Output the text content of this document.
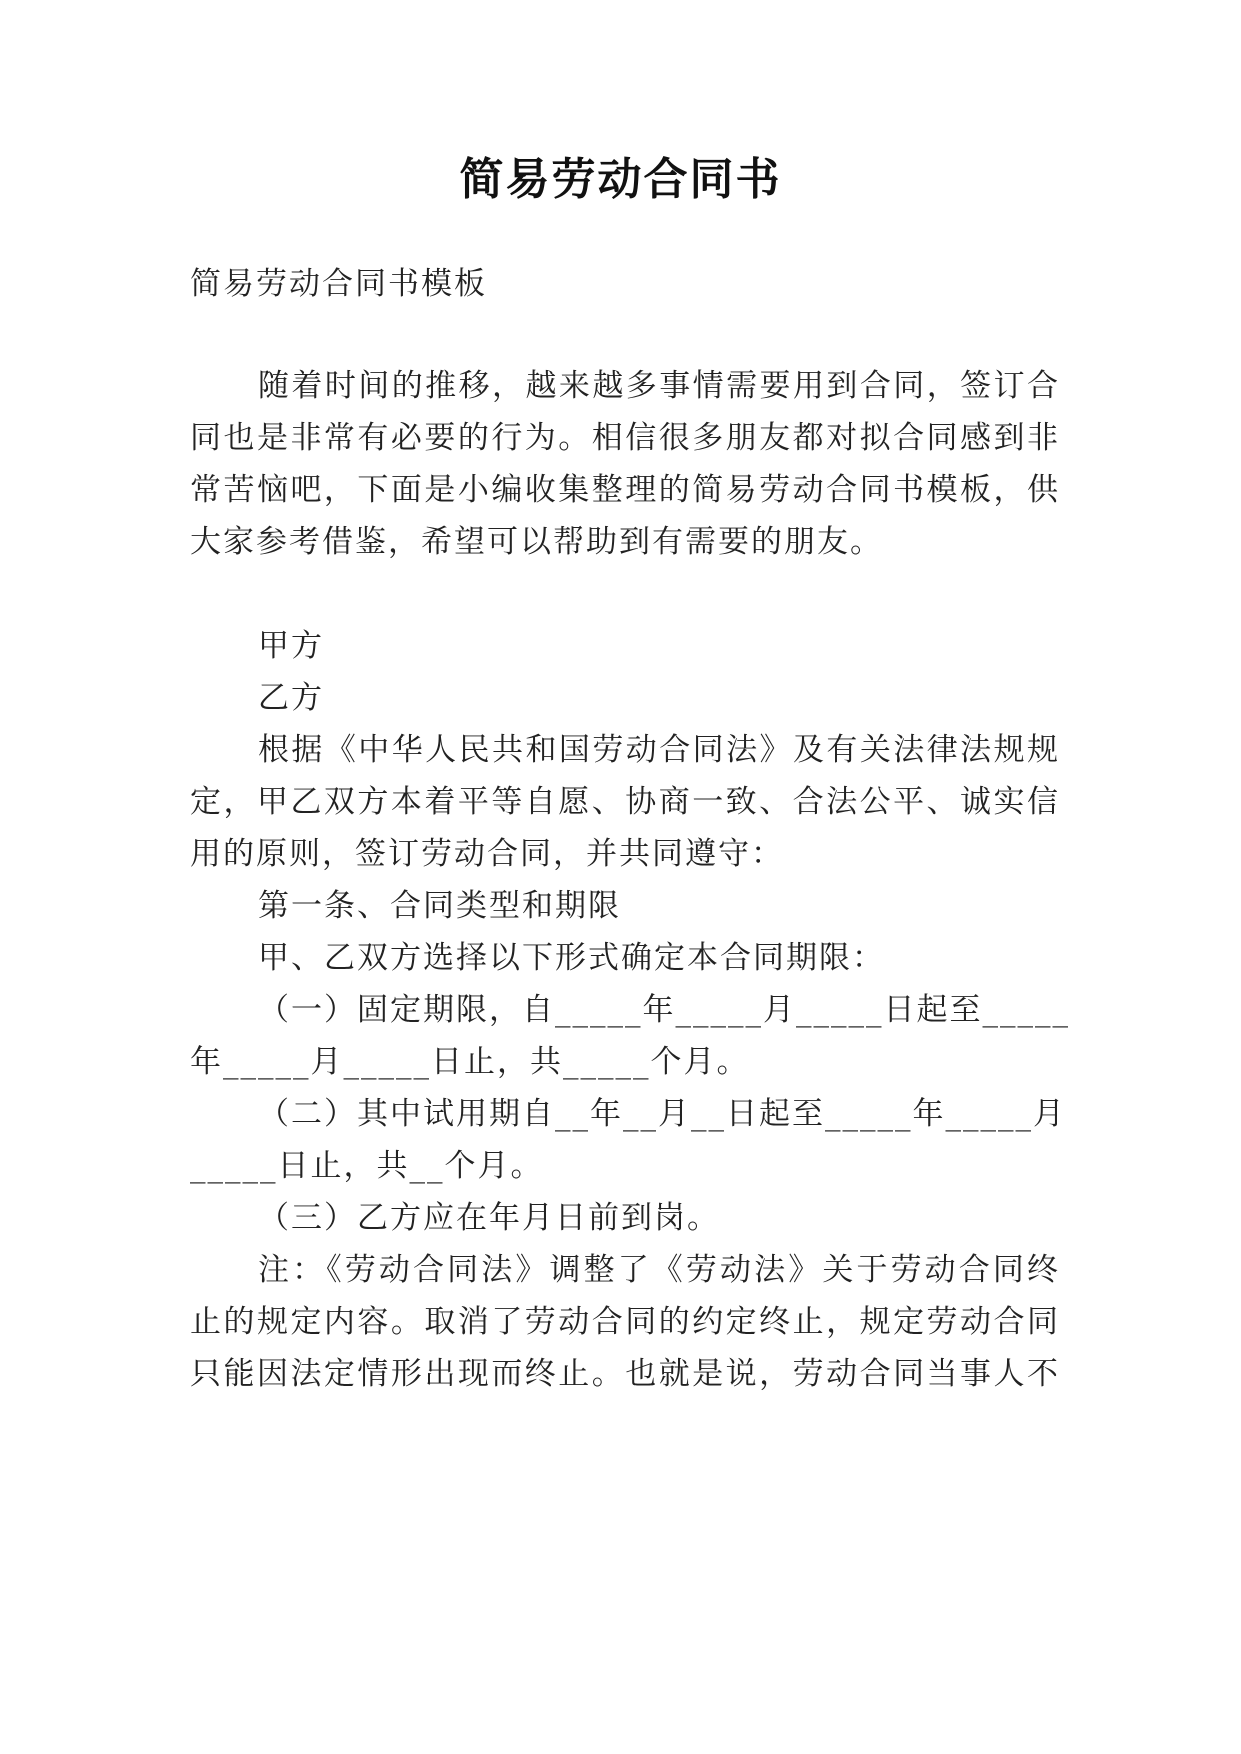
简易劳动合同书
简易劳动合同书模板
随着时间的推移，越来越多事情需要用到合同，签订合
同也是非常有必要的行为。相信很多朋友都对拟合同感到非
常苦恼吧，下面是小编收集整理的简易劳动合同书模板，供
大家参考借鉴，希望可以帮助到有需要的朋友。
甲方
乙方
根据《中华人民共和国劳动合同法》及有关法律法规规
定，甲乙双方本着平等自愿、协商一致、合法公平、诚实信
用的原则，签订劳动合同，并共同遵守：
第一条、合同类型和期限
甲、乙双方选择以下形式确定本合同期限：
（一）固定期限，自_____年_____月_____日起至_____
年_____月_____日止，共_____个月。
（二）其中试用期自__年__月__日起至_____年_____月
_____日止，共__个月。
（三）乙方应在年月日前到岗。
注：《劳动合同法》调整了《劳动法》关于劳动合同终
止的规定内容。取消了劳动合同的约定终止，规定劳动合同
只能因法定情形出现而终止。也就是说，劳动合同当事人不
